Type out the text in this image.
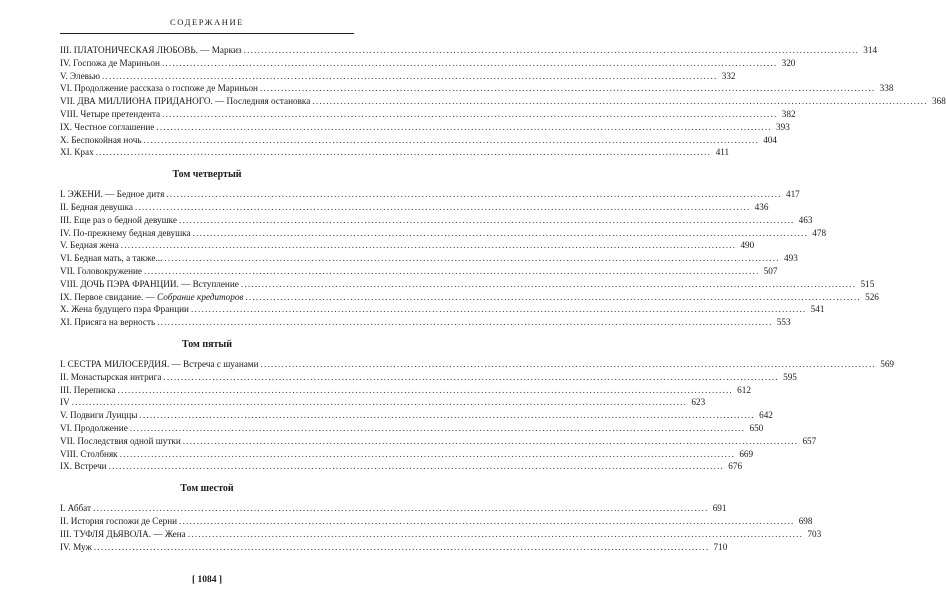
СОДЕРЖАНИЕ
III. ПЛАТОНИЧЕСКАЯ ЛЮБОВЬ. — Маркиз .....	314
IV. Госпожа де Мариньон .....	320
V. Элевью .....	332
VI. Продолжение рассказа о госпоже де Мариньон .....	338
VII. ДВА МИЛЛИОНА ПРИДАНОГО. — Последняя остановка .....	368
VIII. Четыре претендента .....	382
IX. Честное соглашение .....	393
X. Беспокойная ночь .....	404
XI. Крах .....	411
Том четвертый
I. ЭЖЕНИ. — Бедное дитя .....	417
II. Бедная девушка .....	436
III. Еще раз о бедной девушке .....	463
IV. По-прежнему бедная девушка .....	478
V. Бедная жена .....	490
VI. Бедная мать, а также... .....	493
VII. Головокружение .....	507
VIII. ДОЧЬ ПЭРА ФРАНЦИИ. — Вступление .....	515
IX. Первое свидание. — Собрание кредиторов .....	526
X. Жена будущего пэра Франции .....	541
XI. Присяга на верность .....	553
Том пятый
I. СЕСТРА МИЛОСЕРДИЯ. — Встреча с шуанами .....	569
II. Монастырская интрига .....	595
III. Переписка .....	612
IV .....	623
V. Подвиги Луиццы .....	642
VI. Продолжение .....	650
VII. Последствия одной шутки .....	657
VIII. Столбняк .....	669
IX. Встречи .....	676
Том шестой
I. Аббат .....	691
II. История госпожи де Серни .....	698
III. ТУФЛЯ ДЬЯВОЛА. — Жена .....	703
IV. Муж .....	710
[ 1084 ]
